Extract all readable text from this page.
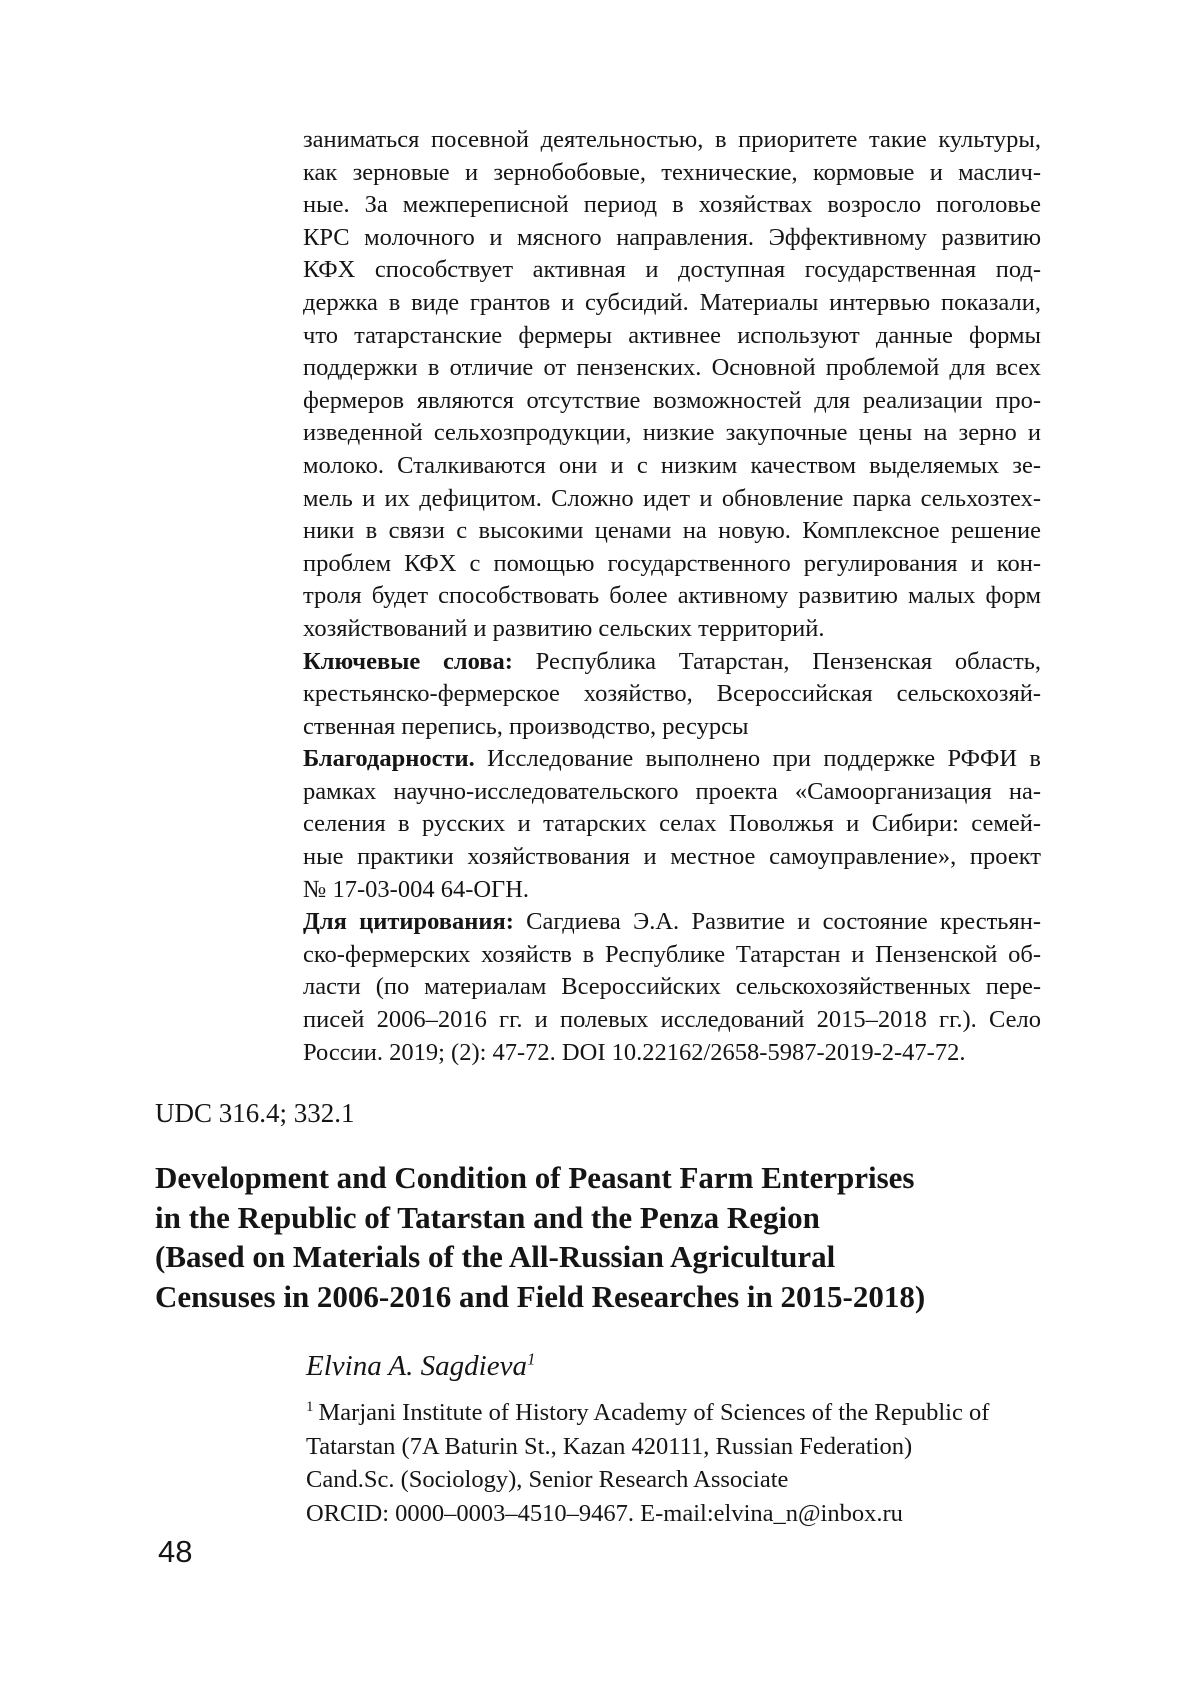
заниматься посевной деятельностью, в приоритете такие культуры,
как зерновые и зернобобовые, технические, кормовые и маслич-
ные. За межпереписной период в хозяйствах возросло поголовье
КРС молочного и мясного направления. Эффективному развитию
КФХ способствует активная и доступная государственная под-
держка в виде грантов и субсидий. Материалы интервью показали,
что татарстанские фермеры активнее используют данные формы
поддержки в отличие от пензенских. Основной проблемой для всех
фермеров являются отсутствие возможностей для реализации про-
изведенной сельхозпродукции, низкие закупочные цены на зерно и
молоко. Сталкиваются они и с низким качеством выделяемых зе-
мель и их дефицитом. Сложно идет и обновление парка сельхозтех-
ники в связи с высокими ценами на новую. Комплексное решение
проблем КФХ с помощью государственного регулирования и кон-
троля будет способствовать более активному развитию малых форм
хозяйствований и развитию сельских территорий.
Ключевые слова: Республика Татарстан, Пензенская область,
крестьянско-фермерское хозяйство, Всероссийская сельскохозяй-
ственная перепись, производство, ресурсы
Благодарности. Исследование выполнено при поддержке РФФИ в
рамках научно-исследовательского проекта «Самоорганизация на-
селения в русских и татарских селах Поволжья и Сибири: семей-
ные практики хозяйствования и местное самоуправление», проект
№ 17-03-004 64-ОГН.
Для цитирования: Сагдиева Э.А. Развитие и состояние крестьян-
ско-фермерских хозяйств в Республике Татарстан и Пензенской об-
ласти (по материалам Всероссийских сельскохозяйственных пере-
писей 2006–2016 гг. и полевых исследований 2015–2018 гг.). Село
России. 2019; (2): 47-72. DOI 10.22162/2658-5987-2019-2-47-72.
UDC 316.4; 332.1
Development and Condition of Peasant Farm Enterprises
in the Republic of Tatarstan and the Penza Region
(Based on Materials of the All-Russian Agricultural
Censuses in 2006-2016 and Field Researches in 2015-2018)
Elvina A. Sagdieva$^1$
$^1$ Marjani Institute of History Academy of Sciences of the Republic of
Tatarstan (7A Baturin St., Kazan 420111, Russian Federation)
Cand.Sc. (Sociology), Senior Research Associate
ORCID: 0000–0003–4510–9467. E-mail:elvina_n@inbox.ru
48
